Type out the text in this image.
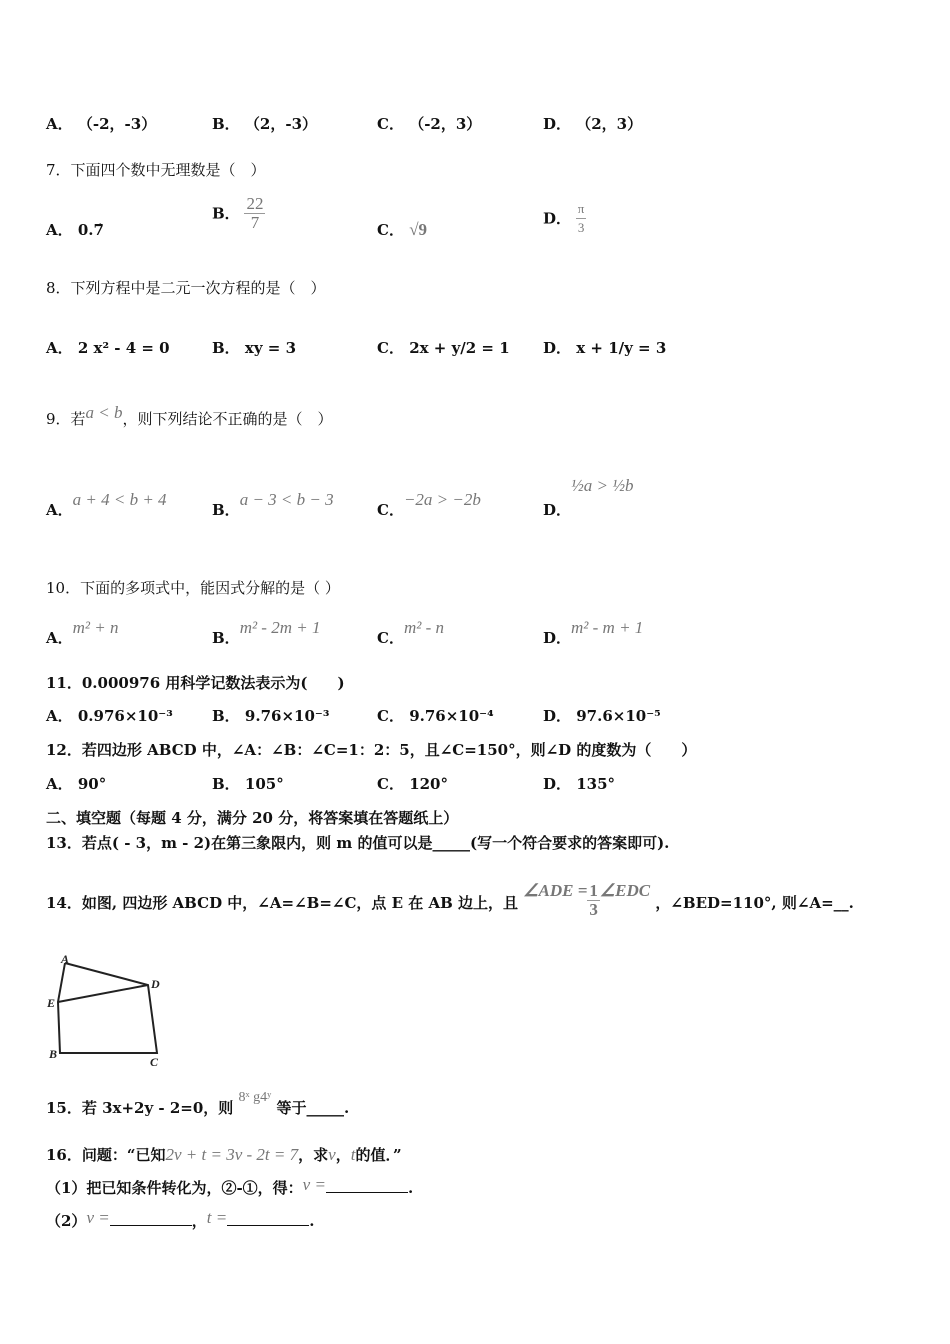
A． （-2，-3）	B． （2，-3）	C． （-2，3）	D． （2，3）
7．下面四个数中无理数是（　）
A． 0.7̇
B． $\frac{22}{7}$	C． √9
D． $\frac{\pi}{3}$
8．下列方程中是二元一次方程的是（　）
A． 2 x² - 4 = 0	B． xy = 3	C． 2x + y/2 = 1 D． x + 1/y = 3
9．若a < b，则下列结论不正确的是（　）
A．a + 4 < b + 4
B．a − 3 < b − 3
C．−2a > −2b
D．½a > ½b
10．下面的多项式中，能因式分解的是（ ）
A．m² + n
B．m² - 2m + 1
C．m² - n
D．m² - m + 1
11．0.000976 用科学记数法表示为(　　)
A． 0.976×10⁻³	B． 9.76×10⁻³	C． 9.76×10⁻⁴	D． 97.6×10⁻⁵
12．若四边形 ABCD 中，∠A：∠B：∠C=1：2：5，且∠C=150°，则∠D 的度数为（　　）
A． 90°	B． 105°	C． 120°	D． 135°
二、填空题（每题 4 分，满分 20 分，将答案填在答题纸上）
13．若点( - 3，m - 2)在第三象限内，则 m 的值可以是_____(写一个符合要求的答案即可).
14．如图, 四边形 ABCD 中，∠A=∠B=∠C，点 E 在 AB 边上，且 ∠ADE = $\frac{1}{3}$ ∠EDC ，∠BED=110°, 则∠A=__.
A
D
E
B
C
15．若 3x+2y - 2=0，则 8ˣ g4ʸ 等于_____.
16．问题：“已知2v + t = 3v - 2t = 7，求v，t的值．”
（1）把已知条件转化为，②-①，得：v =	.
（2）v =	，t =	.
